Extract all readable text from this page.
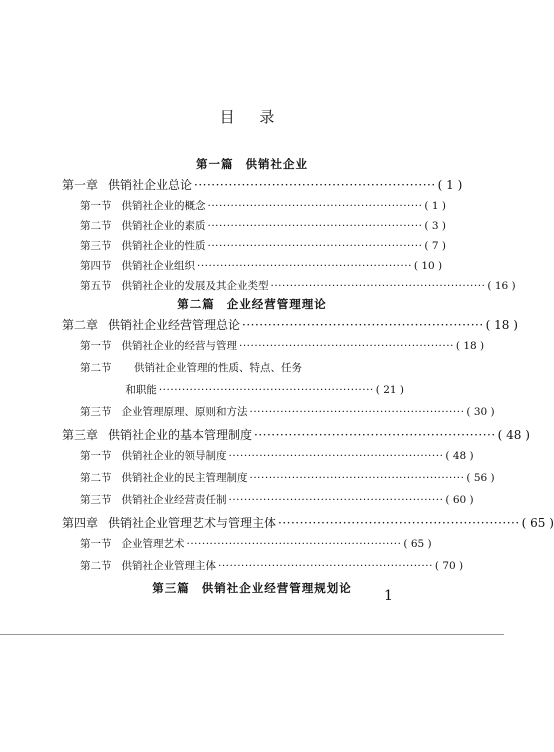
目 录
第一篇 供销社企业
第一章 供销社企业总论 ························································ ( 1 )
第一节 供销社企业的概念 ························································ ( 1 )
第二节 供销社企业的素质 ························································ ( 3 )
第三节 供销社企业的性质 ························································ ( 7 )
第四节 供销社企业组织 ························································ ( 10 )
第五节 供销社企业的发展及其企业类型 ························································ ( 16 )
第二篇 企业经营管理理论
第二章 供销社企业经营管理总论 ························································ ( 18 )
第一节 供销社企业的经营与管理 ························································ ( 18 )
第二节	供销社企业管理的性质、特点、任务
和职能 ························································ ( 21 )
第三节 企业管理原理、原则和方法 ························································ ( 30 )
第三章 供销社企业的基本管理制度 ························································ ( 48 )
第一节 供销社企业的领导制度 ························································ ( 48 )
第二节 供销社企业的民主管理制度 ························································ ( 56 )
第三节 供销社企业经营责任制 ························································ ( 60 )
第四章 供销社企业管理艺术与管理主体 ························································ ( 65 )
第一节 企业管理艺术 ························································ ( 65 )
第二节 供销社企业管理主体 ························································ ( 70 )
第三篇 供销社企业经营管理规划论	1
